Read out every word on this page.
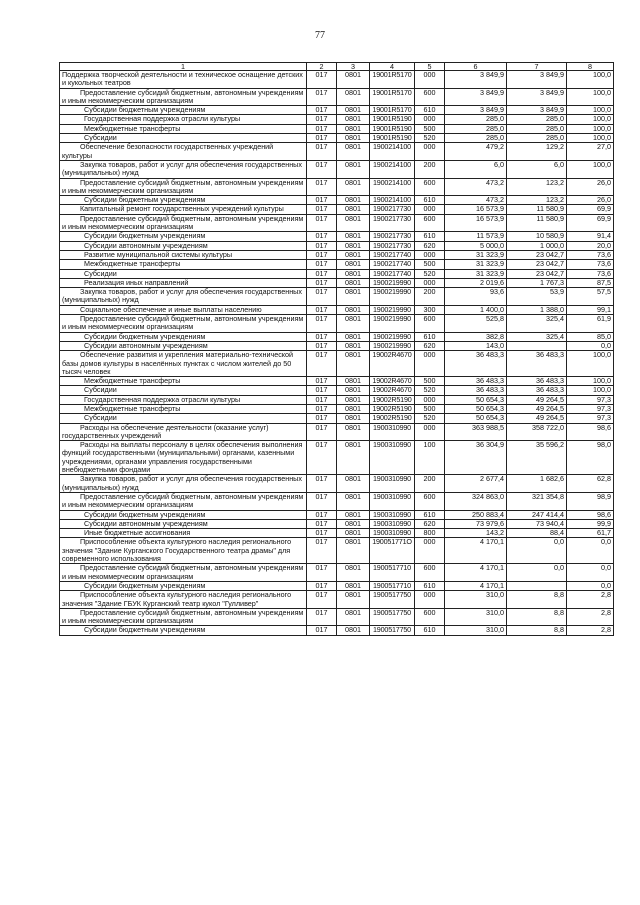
77
1	2	3	4	5	6	7	8
Поддержка творческой деятельности и техническое оснащение детских и кукольных театров	017	0801	19001R5170	000	3 849,9	3 849,9	100,0
Предоставление субсидий бюджетным, автономным учреждениям и иным некоммерческим организациям	017	0801	19001R5170	600	3 849,9	3 849,9	100,0
Субсидии бюджетным учреждениям	017	0801	19001R5170	610	3 849,9	3 849,9	100,0
Государственная поддержка отрасли культуры	017	0801	19001R5190	000	285,0	285,0	100,0
Межбюджетные трансферты	017	0801	19001R5190	500	285,0	285,0	100,0
Субсидии	017	0801	19001R5190	520	285,0	285,0	100,0
Обеспечение безопасности государственных учреждений культуры	017	0801	1900214100	000	479,2	129,2	27,0
Закупка товаров, работ и услуг для обеспечения государственных (муниципальных) нужд	017	0801	1900214100	200	6,0	6,0	100,0
Предоставление субсидий бюджетным, автономным учреждениям и иным некоммерческим организациям	017	0801	1900214100	600	473,2	123,2	26,0
Субсидии бюджетным учреждениям	017	0801	1900214100	610	473,2	123,2	26,0
Капитальный ремонт государственных учреждений культуры	017	0801	1900217730	000	16 573,9	11 580,9	69,9
Предоставление субсидий бюджетным, автономным учреждениям и иным некоммерческим организациям	017	0801	1900217730	600	16 573,9	11 580,9	69,9
Субсидии бюджетным учреждениям	017	0801	1900217730	610	11 573,9	10 580,9	91,4
Субсидии автономным учреждениям	017	0801	1900217730	620	5 000,0	1 000,0	20,0
Развитие муниципальной системы культуры	017	0801	1900217740	000	31 323,9	23 042,7	73,6
Межбюджетные трансферты	017	0801	1900217740	500	31 323,9	23 042,7	73,6
Субсидии	017	0801	1900217740	520	31 323,9	23 042,7	73,6
Реализация иных направлений	017	0801	1900219990	000	2 019,6	1 767,3	87,5
Закупка товаров, работ и услуг для обеспечения государственных (муниципальных) нужд	017	0801	1900219990	200	93,6	53,9	57,5
Социальное обеспечение и иные выплаты населению	017	0801	1900219990	300	1 400,0	1 388,0	99,1
Предоставление субсидий бюджетным, автономным учреждениям и иным некоммерческим организациям	017	0801	1900219990	600	525,8	325,4	61,9
Субсидии бюджетным учреждениям	017	0801	1900219990	610	382,8	325,4	85,0
Субсидии автономным учреждениям	017	0801	1900219990	620	143,0		0,0
Обеспечение развития и укрепления материально-технической базы домов культуры в населённых пунктах с числом жителей до 50 тысяч человек	017	0801	19002R4670	000	36 483,3	36 483,3	100,0
Межбюджетные трансферты	017	0801	19002R4670	500	36 483,3	36 483,3	100,0
Субсидии	017	0801	19002R4670	520	36 483,3	36 483,3	100,0
Государственная поддержка отрасли культуры	017	0801	19002R5190	000	50 654,3	49 264,5	97,3
Межбюджетные трансферты	017	0801	19002R5190	500	50 654,3	49 264,5	97,3
Субсидии	017	0801	19002R5190	520	50 654,3	49 264,5	97,3
Расходы на обеспечение деятельности (оказание услуг) государственных учреждений	017	0801	1900310990	000	363 988,5	358 722,0	98,6
Расходы на выплаты персоналу в целях обеспечения выполнения функций государственными (муниципальными) органами, казенными учреждениями, органами управления государственными внебюджетными фондами	017	0801	1900310990	100	36 304,9	35 596,2	98,0
Закупка товаров, работ и услуг для обеспечения государственных (муниципальных) нужд	017	0801	1900310990	200	2 677,4	1 682,6	62,8
Предоставление субсидий бюджетным, автономным учреждениям и иным некоммерческим организациям	017	0801	1900310990	600	324 863,0	321 354,8	98,9
Субсидии бюджетным учреждениям	017	0801	1900310990	610	250 883,4	247 414,4	98,6
Субсидии автономным учреждениям	017	0801	1900310990	620	73 979,6	73 940,4	99,9
Иные бюджетные ассигнования	017	0801	1900310990	800	143,2	88,4	61,7
Приспособление объекта культурного наследия регионального значения "Здание Курганского Государственного театра драмы" для современного использования	017	0801	190051771О	000	4 170,1	0,0	0,0
Предоставление субсидий бюджетным, автономным учреждениям и иным некоммерческим организациям	017	0801	1900517710	600	4 170,1	0,0	0,0
Субсидии бюджетным учреждениям	017	0801	1900517710	610	4 170,1		0,0
Приспособление объекта культурного наследия регионального значения "Здание ГБУК Курганский театр кукол "Гулливер"	017	0801	1900517750	000	310,0	8,8	2,8
Предоставление субсидий бюджетным, автономным учреждениям и иным некоммерческим организациям	017	0801	1900517750	600	310,0	8,8	2,8
Субсидии бюджетным учреждениям	017	0801	1900517750	610	310,0	8,8	2,8
